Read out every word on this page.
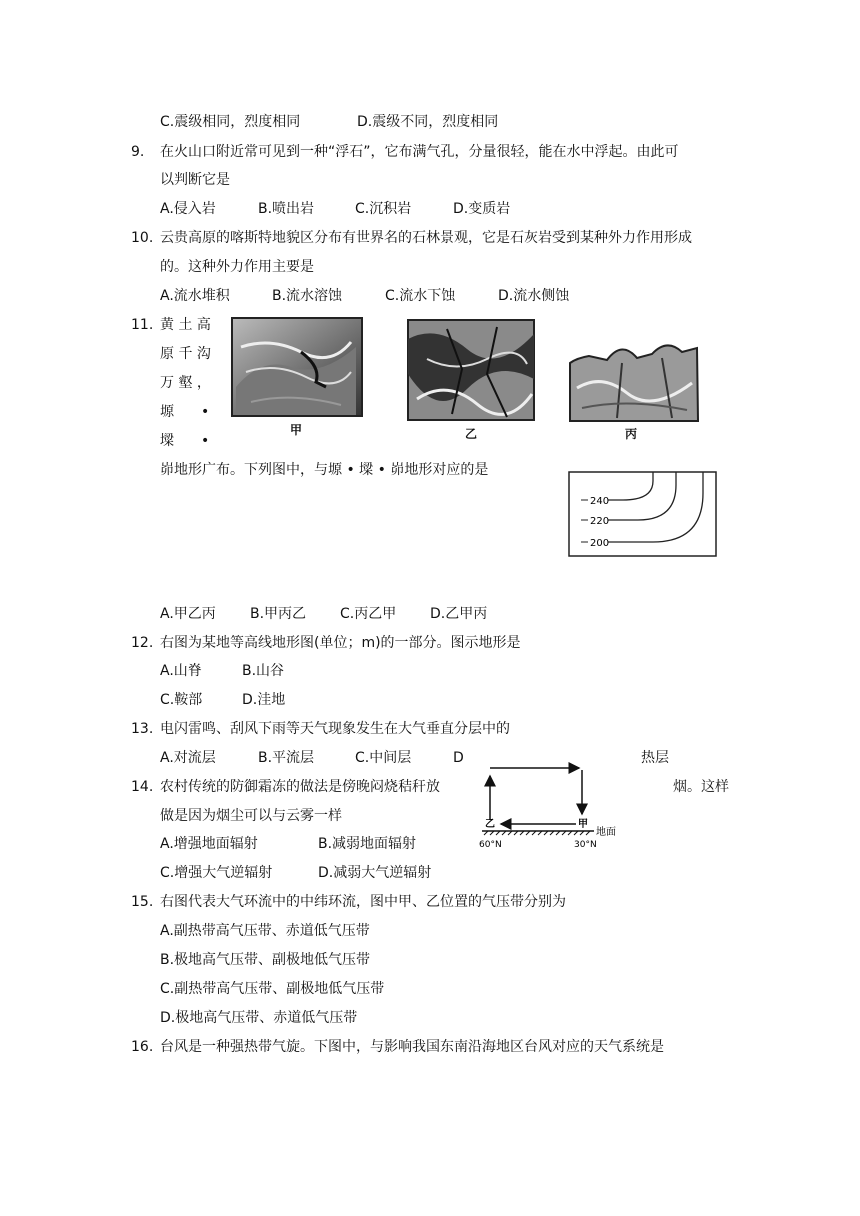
C.震级相同，烈度相同	D.震级不同，烈度相同
9. 在火山口附近常可见到一种“浮石”，它布满气孔，分量很轻，能在水中浮起。由此可
以判断它是
A.侵入岩	B.喷出岩	C.沉积岩	D.变质岩
10. 云贵高原的喀斯特地貌区分布有世界名的石林景观，它是石灰岩受到某种外力作用形成
的。这种外力作用主要是
A.流水堆积	B.流水溶蚀	C.流水下蚀	D.流水侧蚀
11. 黄 土 高
原 千 沟
万 壑 ，
塬 •
墚 •
峁地形广布。下列图中，与塬 • 墚 • 峁地形对应的是
甲	乙	丙
240
220
200
A.甲乙丙 B.甲丙乙 C.丙乙甲 D.乙甲丙
12. 右图为某地等高线地形图(单位；m)的一部分。图示地形是
A.山脊	B.山谷
C.鞍部	D.洼地
13. 电闪雷鸣、刮风下雨等天气现象发生在大气垂直分层中的
A.对流层	B.平流层	C.中间层	D	热层
14. 农村传统的防御霜冻的做法是傍晚闷烧秸秆放	烟。这样
做是因为烟尘可以与云雾一样
A.增强地面辐射	B.减弱地面辐射
C.增强大气逆辐射	D.减弱大气逆辐射
乙	甲
地面
60°N	30°N
15. 右图代表大气环流中的中纬环流，图中甲、乙位置的气压带分别为
A.副热带高气压带、赤道低气压带
B.极地高气压带、副极地低气压带
C.副热带高气压带、副极地低气压带
D.极地高气压带、赤道低气压带
16. 台风是一种强热带气旋。下图中，与影响我国东南沿海地区台风对应的天气系统是
